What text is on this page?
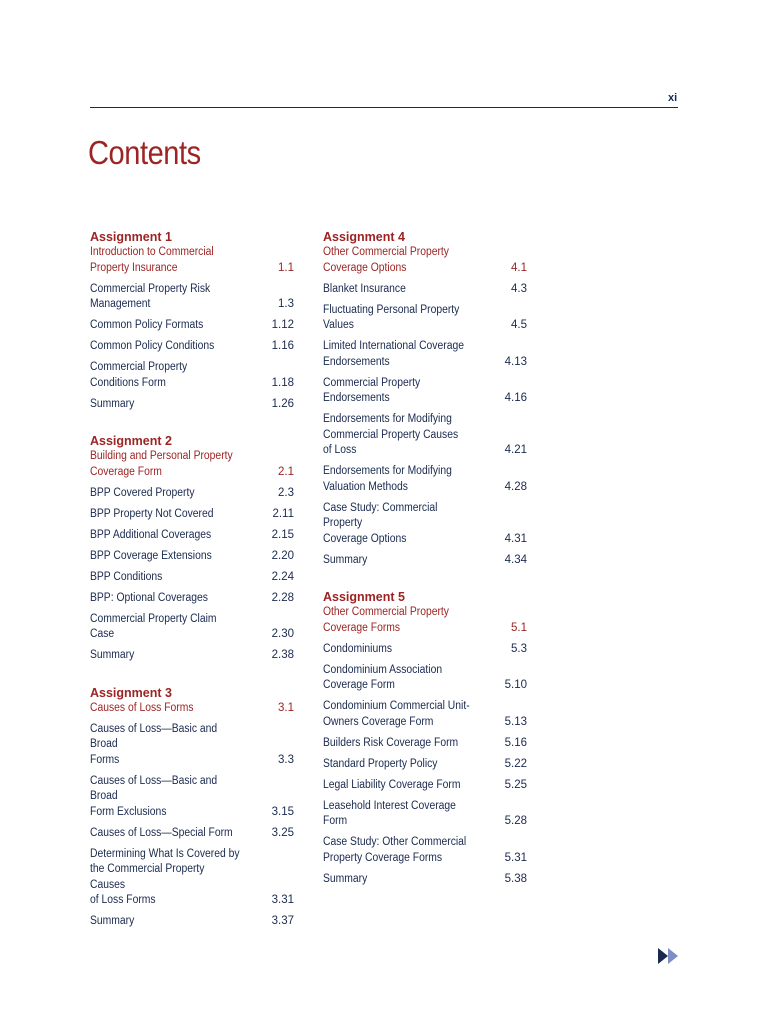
xi
Contents
Assignment 1
Introduction to Commercial
Property Insurance	1.1
Commercial Property Risk
Management	1.3
Common Policy Formats	1.12
Common Policy Conditions	1.16
Commercial Property
Conditions Form	1.18
Summary	1.26
Assignment 2
Building and Personal Property
Coverage Form	2.1
BPP Covered Property	2.3
BPP Property Not Covered	2.11
BPP Additional Coverages	2.15
BPP Coverage Extensions	2.20
BPP Conditions	2.24
BPP: Optional Coverages	2.28
Commercial Property Claim Case	2.30
Summary	2.38
Assignment 3
Causes of Loss Forms	3.1
Causes of Loss—Basic and Broad
Forms	3.3
Causes of Loss—Basic and Broad
Form Exclusions	3.15
Causes of Loss—Special Form	3.25
Determining What Is Covered by
the Commercial Property Causes
of Loss Forms	3.31
Summary	3.37
Assignment 4
Other Commercial Property
Coverage Options	4.1
Blanket Insurance	4.3
Fluctuating Personal Property
Values	4.5
Limited International Coverage
Endorsements	4.13
Commercial Property
Endorsements	4.16
Endorsements for Modifying
Commercial Property Causes
of Loss	4.21
Endorsements for Modifying
Valuation Methods	4.28
Case Study: Commercial Property
Coverage Options	4.31
Summary	4.34
Assignment 5
Other Commercial Property
Coverage Forms	5.1
Condominiums	5.3
Condominium Association
Coverage Form	5.10
Condominium Commercial Unit-
Owners Coverage Form	5.13
Builders Risk Coverage Form	5.16
Standard Property Policy	5.22
Legal Liability Coverage Form	5.25
Leasehold Interest Coverage Form	5.28
Case Study: Other Commercial
Property Coverage Forms	5.31
Summary	5.38
